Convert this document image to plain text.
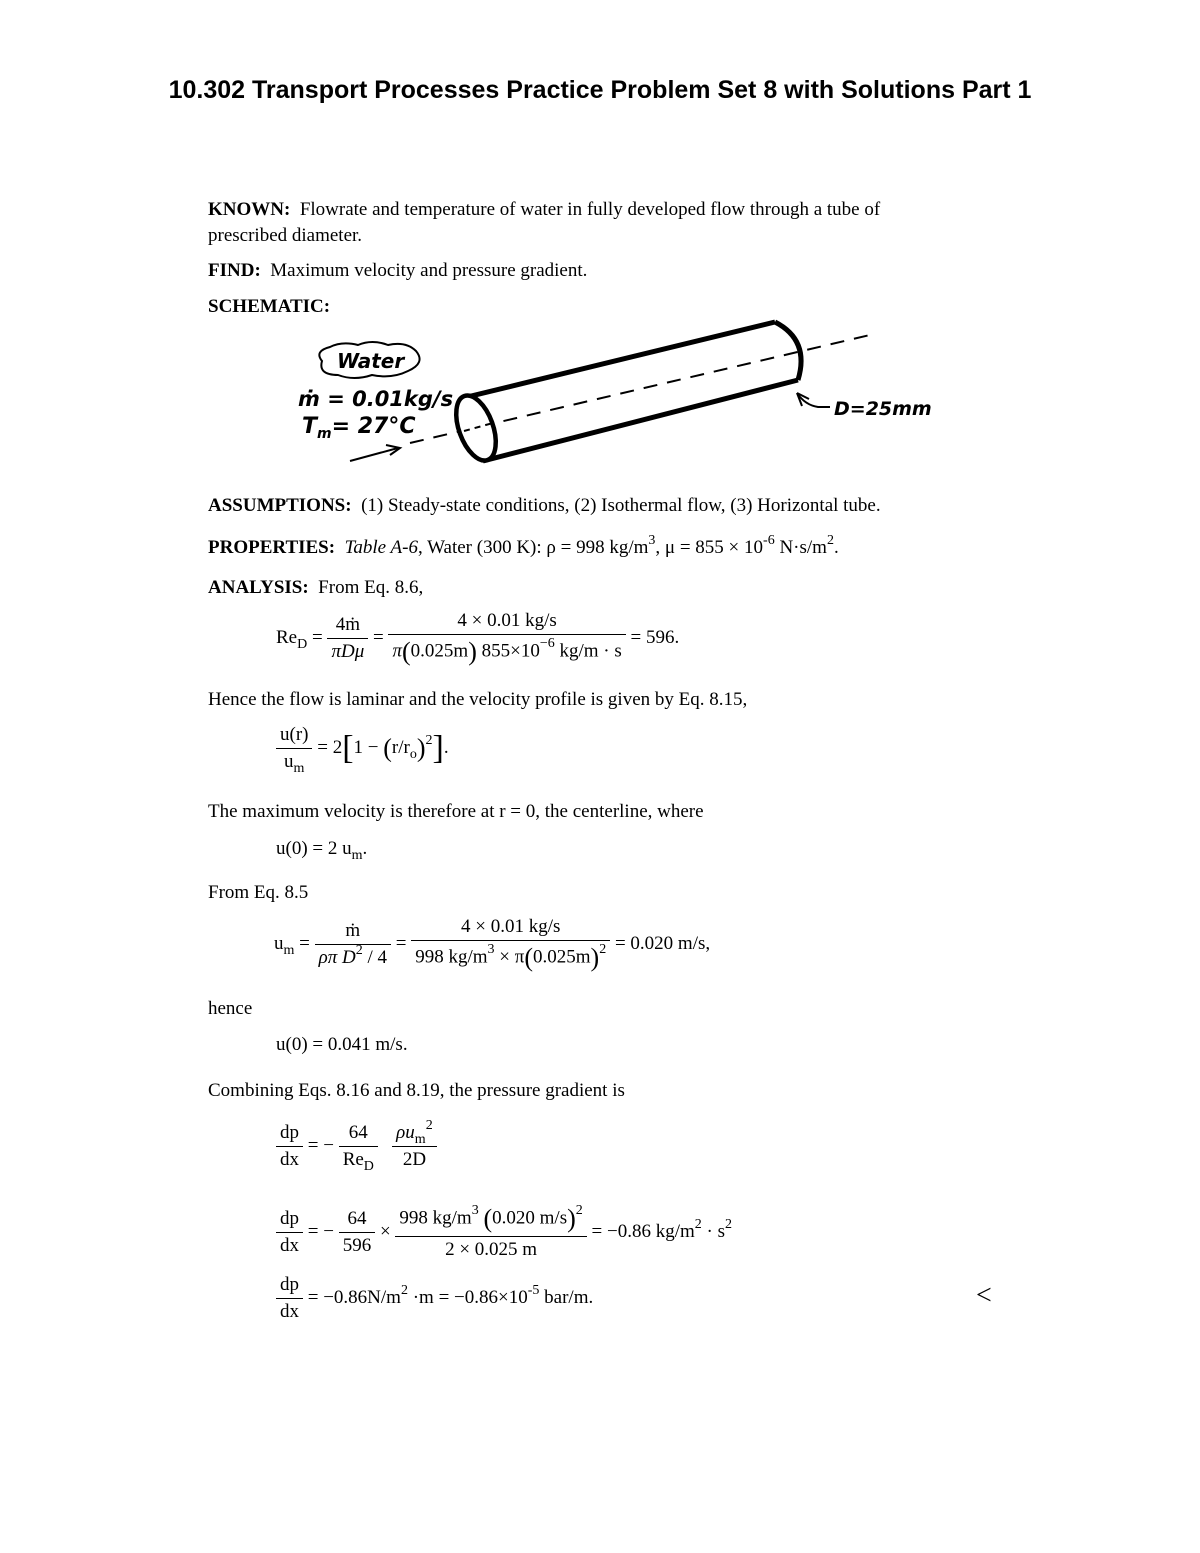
10.302 Transport Processes Practice Problem Set 8 with Solutions Part 1
KNOWN: Flowrate and temperature of water in fully developed flow through a tube of
prescribed diameter.
FIND: Maximum velocity and pressure gradient.
SCHEMATIC:
Water
ṁ = 0.01kg/s
$T_m= 27^\circ C$
D=25mm
ASSUMPTIONS: (1) Steady-state conditions, (2) Isothermal flow, (3) Horizontal tube.
PROPERTIES: Table A-6, Water (300 K): ρ = 998 $kg/m^3$, $\mu = 855 \times 10^{-6}$ $N\cdot s/m^2$.
ANALYSIS: From Eq. 8.6,
$Re_D = \frac{\text{4ṁ}}{\text{πDμ}} = \frac{4 \times 0.01 kg/s}{\pi(0.025m) 855\times 10^{-6} kg/m \cdot s} = 596$.
Hence the flow is laminar and the velocity profile is given by Eq. 8.15,
$\frac{u(r)}{u_m} = 2[1 - (r/r_o)^2]$.
The maximum velocity is therefore at r = 0, the centerline, where
u(0) = 2 $u_m$.
From Eq. 8.5
$u_m = \frac{\text{ṁ}}{\rho\pi D^2 / 4} = \frac{4 \times 0.01 kg/s}{998 kg/m^3 \times \pi(0.025m)^2} = 0.020$ m/s,
hence
u(0) = 0.041 m/s.
Combining Eqs. 8.16 and 8.19, the pressure gradient is
$\frac{dp}{dx}$ = − $\frac{64}{Re_D}$
$\frac{\rho u_m^2}{2D}$
$\frac{dp}{dx}$ = − $\frac{64}{596} \times \frac{998 kg/m^3 (0.020 m/s)^2}{2 \times 0.025 m} = -0.86$ $kg/m^2 \cdot s^2$
$\frac{dp}{dx} = -0.86N/m^2 \cdot m = -0.86\times 10^{-5}$ bar/m.	<
